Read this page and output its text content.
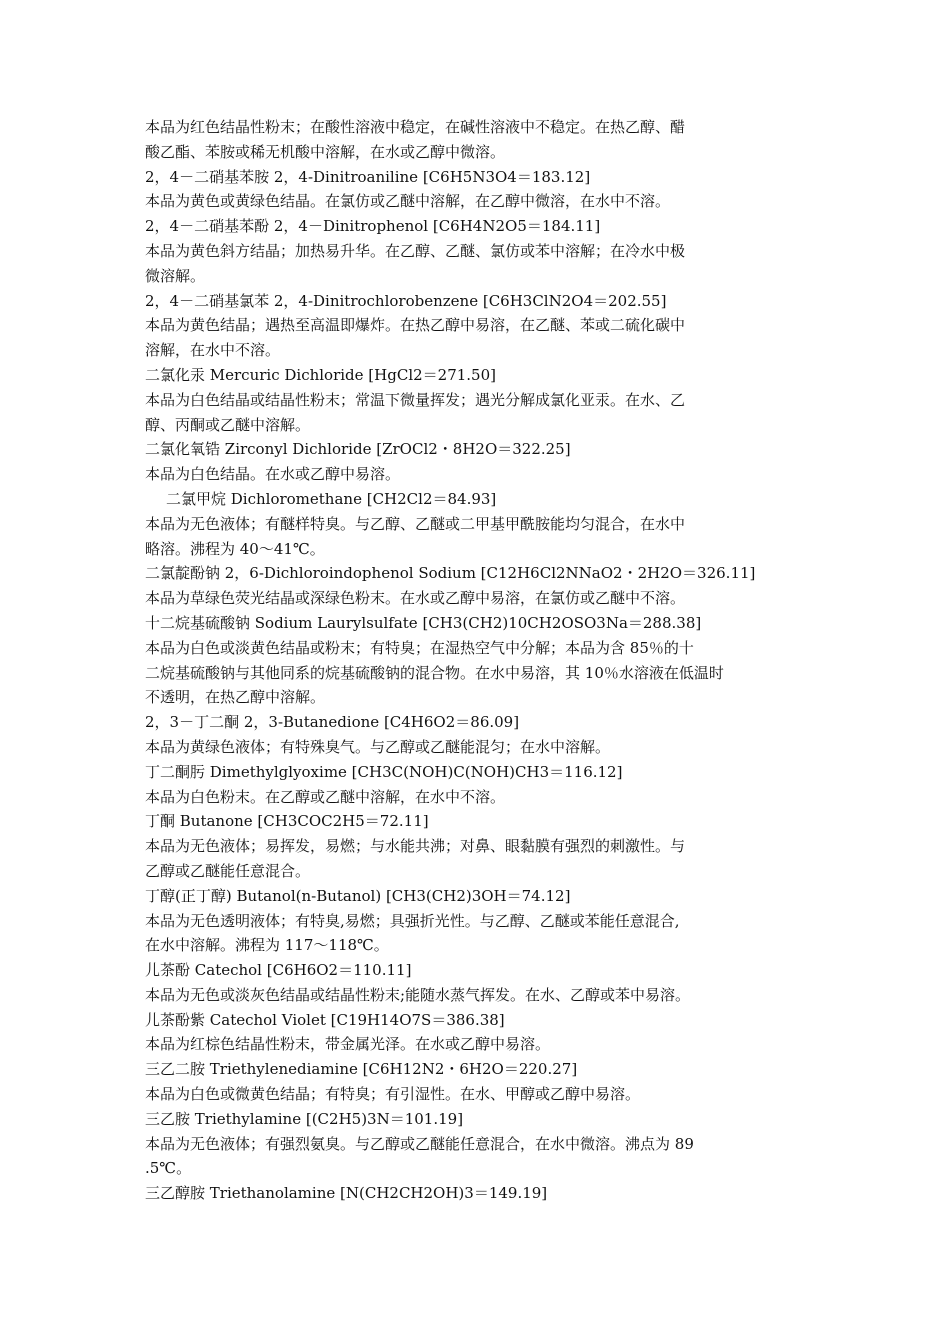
本品为红色结晶性粉末；在酸性溶液中稳定，在碱性溶液中不稳定。在热乙醇、醋
酸乙酯、苯胺或稀无机酸中溶解，在水或乙醇中微溶。
2，4－二硝基苯胺 2，4-Dinitroaniline [C6H5N3O4＝183.12]
本品为黄色或黄绿色结晶。在氯仿或乙醚中溶解，在乙醇中微溶，在水中不溶。
2，4－二硝基苯酚 2，4－Dinitrophenol [C6H4N2O5＝184.11]
本品为黄色斜方结晶；加热易升华。在乙醇、乙醚、氯仿或苯中溶解；在冷水中极
微溶解。
2，4－二硝基氯苯 2，4-Dinitrochlorobenzene [C6H3ClN2O4＝202.55]
本品为黄色结晶；遇热至高温即爆炸。在热乙醇中易溶，在乙醚、苯或二硫化碳中
溶解，在水中不溶。
二氯化汞 Mercuric Dichloride [HgCl2＝271.50]
本品为白色结晶或结晶性粉末；常温下微量挥发；遇光分解成氯化亚汞。在水、乙
醇、丙酮或乙醚中溶解。
二氯化氧锆 Zirconyl Dichloride [ZrOCl2・8H2O＝322.25]
本品为白色结晶。在水或乙醇中易溶。
二氯甲烷 Dichloromethane [CH2Cl2＝84.93]
本品为无色液体；有醚样特臭。与乙醇、乙醚或二甲基甲酰胺能均匀混合，在水中
略溶。沸程为 40～41℃。
二氯靛酚钠 2，6-Dichloroindophenol Sodium [C12H6Cl2NNaO2・2H2O＝326.11]
本品为草绿色荧光结晶或深绿色粉末。在水或乙醇中易溶，在氯仿或乙醚中不溶。
十二烷基硫酸钠 Sodium Laurylsulfate [CH3(CH2)10CH2OSO3Na＝288.38]
本品为白色或淡黄色结晶或粉末；有特臭；在湿热空气中分解；本品为含 85％的十
二烷基硫酸钠与其他同系的烷基硫酸钠的混合物。在水中易溶，其 10％水溶液在低温时
不透明，在热乙醇中溶解。
2，3－丁二酮 2，3-Butanedione [C4H6O2＝86.09]
本品为黄绿色液体；有特殊臭气。与乙醇或乙醚能混匀；在水中溶解。
丁二酮肟 Dimethylglyoxime [CH3C(NOH)C(NOH)CH3＝116.12]
本品为白色粉末。在乙醇或乙醚中溶解，在水中不溶。
丁酮 Butanone [CH3COC2H5＝72.11]
本品为无色液体；易挥发，易燃；与水能共沸；对鼻、眼黏膜有强烈的刺激性。与
乙醇或乙醚能任意混合。
丁醇(正丁醇) Butanol(n-Butanol) [CH3(CH2)3OH＝74.12]
本品为无色透明液体；有特臭,易燃；具强折光性。与乙醇、乙醚或苯能任意混合,
在水中溶解。沸程为 117～118℃。
儿茶酚 Catechol [C6H6O2＝110.11]
本品为无色或淡灰色结晶或结晶性粉末;能随水蒸气挥发。在水、乙醇或苯中易溶。
儿茶酚紫 Catechol Violet [C19H14O7S＝386.38]
本品为红棕色结晶性粉末，带金属光泽。在水或乙醇中易溶。
三乙二胺 Triethylenediamine [C6H12N2・6H2O＝220.27]
本品为白色或微黄色结晶；有特臭；有引湿性。在水、甲醇或乙醇中易溶。
三乙胺 Triethylamine [(C2H5)3N＝101.19]
本品为无色液体；有强烈氨臭。与乙醇或乙醚能任意混合，在水中微溶。沸点为 89
.5℃。
三乙醇胺 Triethanolamine [N(CH2CH2OH)3＝149.19]
